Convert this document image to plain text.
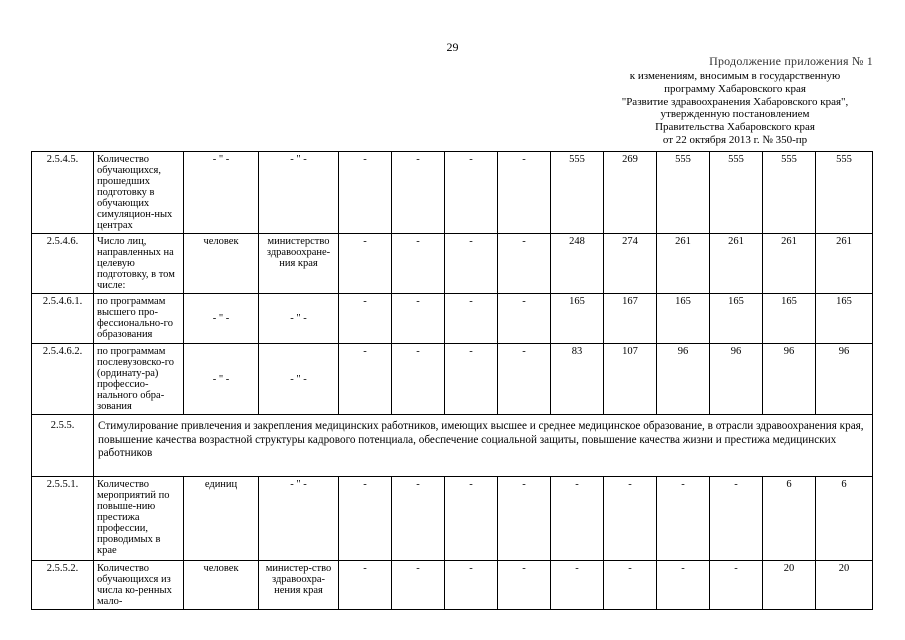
29
Продолжение приложения № 1
к изменениям, вносимым в государственную
программу Хабаровского края
"Развитие здравоохранения Хабаровского края",
утвержденную постановлением
Правительства Хабаровского края
от 22 октября 2013 г. № 350-пр
2.5.4.5.	Количество обучающихся, прошедших подготовку в обучающих симуляцион-ных центрах	- " -	- " -	-	-	-	-	555	269	555	555	555	555
2.5.4.6.	Число лиц, направленных на целевую подготовку, в том числе:	человек	министерство здравоохране-ния края	-	-	-	-	248	274	261	261	261	261
2.5.4.6.1.	по программам высшего про-фессионально-го образования	- " -	- " -	-	-	-	-	165	167	165	165	165	165
2.5.4.6.2.	по программам послевузовско-го (ординату-ра) профессио-нального обра-зования	- " -	- " -	-	-	-	-	83	107	96	96	96	96
2.5.5.	Стимулирование привлечения и закрепления медицинских работников, имеющих высшее и среднее медицинское образование, в отрасли здравоохранения края, повышение качества возрастной структуры кадрового потенциала, обеспечение социальной защиты, повышение качества жизни и престижа медицинских работников												
2.5.5.1.	Количество мероприятий по повыше-нию престижа профессии, проводимых в крае	единиц	- " -	-	-	-	-	-	-	-	-	6	6
2.5.5.2.	Количество обучающихся из числа ко-ренных мало-	человек	министер-ство здравоохра-нения края	-	-	-	-	-	-	-	-	20	20
